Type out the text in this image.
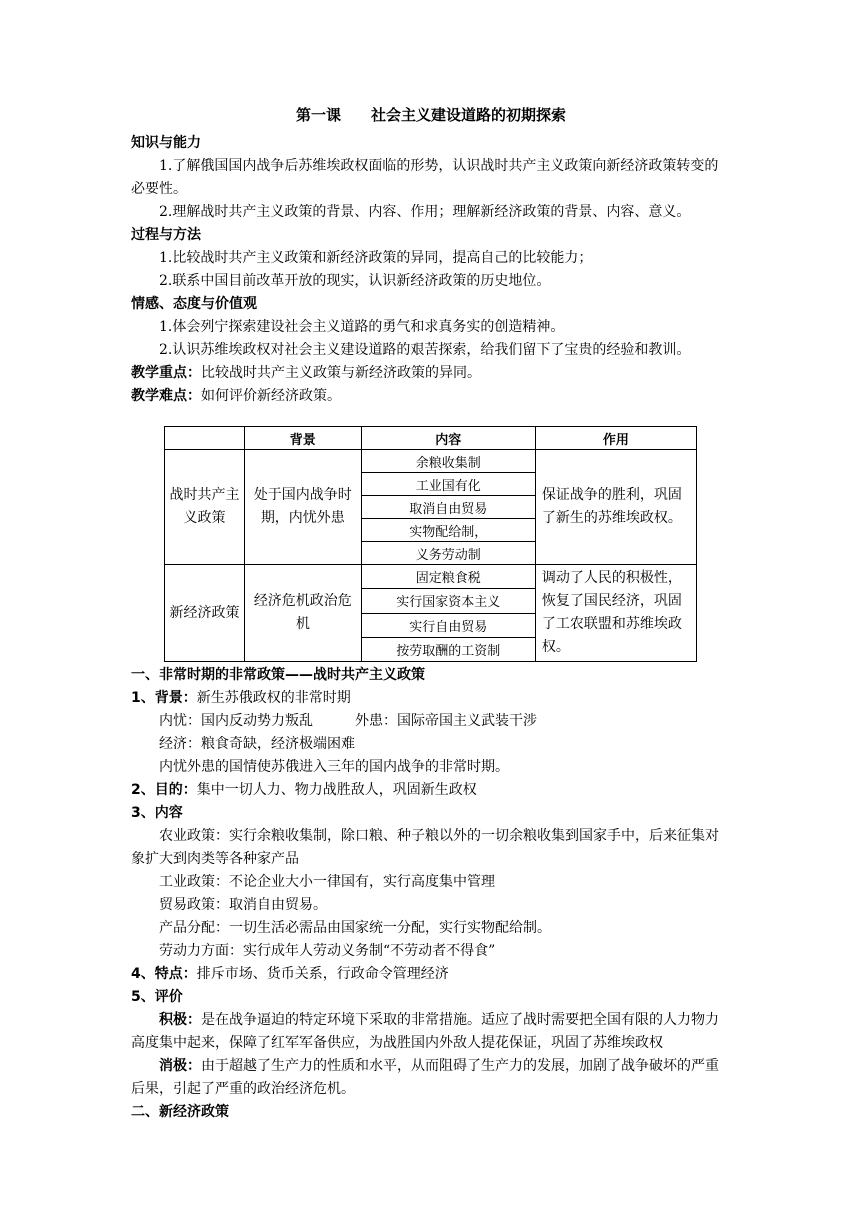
第一课　　社会主义建设道路的初期探索
知识与能力
1.了解俄国国内战争后苏维埃政权面临的形势，认识战时共产主义政策向新经济政策转变的必要性。
2.理解战时共产主义政策的背景、内容、作用；理解新经济政策的背景、内容、意义。
过程与方法
1.比较战时共产主义政策和新经济政策的异同，提高自己的比较能力；
2.联系中国目前改革开放的现实，认识新经济政策的历史地位。
情感、态度与价值观
1.体会列宁探索建设社会主义道路的勇气和求真务实的创造精神。
2.认识苏维埃政权对社会主义建设道路的艰苦探索，给我们留下了宝贵的经验和教训。
教学重点：比较战时共产主义政策与新经济政策的异同。
教学难点：如何评价新经济政策。
	背景	内容	作用
战时共产主义政策	处于国内战争时期，内忧外患	余粮收集制	保证战争的胜利，巩固了新生的苏维埃政权。
		工业国有化	
		取消自由贸易	
		实物配给制，	
		义务劳动制	
新经济政策	经济危机政治危机	固定粮食税	调动了人民的积极性，恢复了国民经济，巩固了工农联盟和苏维埃政权。
		实行国家资本主义	
		实行自由贸易	
		按劳取酬的工资制	
一、非常时期的非常政策——战时共产主义政策
1、背景：新生苏俄政权的非常时期
内忧：国内反动势力叛乱　　　外患：国际帝国主义武装干涉
经济：粮食奇缺，经济极端困难
内忧外患的国情使苏俄进入三年的国内战争的非常时期。
2、目的：集中一切人力、物力战胜敌人，巩固新生政权
3、内容
农业政策：实行余粮收集制，除口粮、种子粮以外的一切余粮收集到国家手中，后来征集对象扩大到肉类等各种家产品
工业政策：不论企业大小一律国有，实行高度集中管理
贸易政策：取消自由贸易。
产品分配：一切生活必需品由国家统一分配，实行实物配给制。
劳动力方面：实行成年人劳动义务制“不劳动者不得食”
4、特点：排斥市场、货币关系，行政命令管理经济
5、评价
积极：是在战争逼迫的特定环境下采取的非常措施。适应了战时需要把全国有限的人力物力高度集中起来，保障了红军军备供应，为战胜国内外敌人提花保证，巩固了苏维埃政权
消极：由于超越了生产力的性质和水平，从而阻碍了生产力的发展，加剧了战争破坏的严重后果，引起了严重的政治经济危机。
二、新经济政策
